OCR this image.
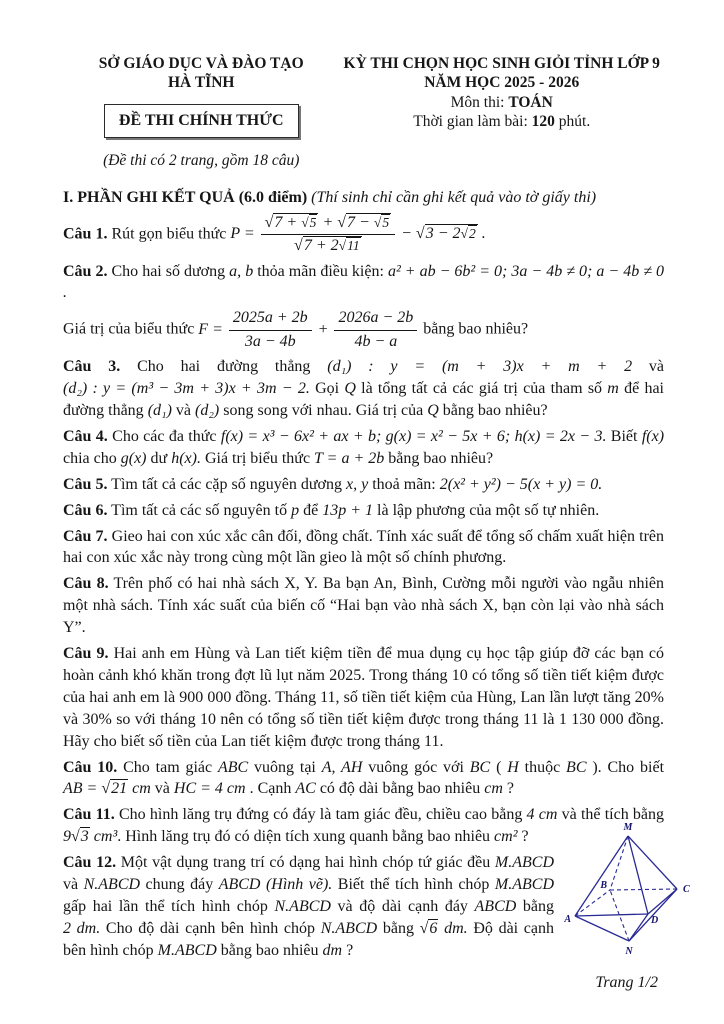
SỞ GIÁO DỤC VÀ ĐÀO TẠO
HÀ TĨNH
ĐỀ THI CHÍNH THỨC
(Đề thi có 2 trang, gồm 18 câu)
KỲ THI CHỌN HỌC SINH GIỎI TỈNH LỚP 9
NĂM HỌC 2025 - 2026
Môn thi: TOÁN
Thời gian làm bài: 120 phút.
I. PHẦN GHI KẾT QUẢ (6.0 điểm) (Thí sinh chỉ cần ghi kết quả vào tờ giấy thi)

Câu 1. Rút gọn biểu thức P = √ 7 + √ 5 + √ 7 − √ 5
√ 7 + 2 √ 11 − √ 3 − 2 √ 2 .

Câu 2. Cho hai số dương a, b thỏa mãn điều kiện: a² + ab − 6b² = 0; 3a − 4b ≠ 0; a − 4b ≠ 0 .

Giá trị của biểu thức $F = \frac{2025a + 2b}{3a - 4b} + \frac{2026a - 2b}{4b - a}$ bằng bao nhiêu?

Câu 3. Cho hai đường thẳng (d₁) : y = (m + 3)x + m + 2 và (d₂) : y = (m³ − 3m + 3)x + 3m − 2. Gọi Q là tổng tất cả các giá trị của tham số m để hai đường thẳng (d₁) và (d₂) song song với nhau. Giá trị của Q bằng bao nhiêu?

Câu 4. Cho các đa thức f(x) = x³ − 6x² + ax + b; g(x) = x² − 5x + 6; h(x) = 2x − 3. Biết f(x) chia cho g(x) dư h(x). Giá trị biểu thức T = a + 2b bằng bao nhiêu?

Câu 5. Tìm tất cả các cặp số nguyên dương x, y thoả mãn: 2(x² + y²) − 5(x + y) = 0.

Câu 6. Tìm tất cả các số nguyên tố p để 13p + 1 là lập phương của một số tự nhiên.

Câu 7. Gieo hai con xúc xắc cân đối, đồng chất. Tính xác suất để tổng số chấm xuất hiện trên hai con xúc xắc này trong cùng một lần gieo là một số chính phương.

Câu 8. Trên phố có hai nhà sách X, Y. Ba bạn An, Bình, Cường mỗi người vào ngẫu nhiên một nhà sách. Tính xác suất của biến cố “Hai bạn vào nhà sách X, bạn còn lại vào nhà sách Y”.

Câu 9. Hai anh em Hùng và Lan tiết kiệm tiền để mua dụng cụ học tập giúp đỡ các bạn có hoàn cảnh khó khăn trong đợt lũ lụt năm 2025. Trong tháng 10 có tổng số tiền tiết kiệm được của hai anh em là 900 000 đồng. Tháng 11, số tiền tiết kiệm của Hùng, Lan lần lượt tăng 20% và 30% so với tháng 10 nên có tổng số tiền tiết kiệm được trong tháng 11 là 1 130 000 đồng. Hãy cho biết số tiền của Lan tiết kiệm được trong tháng 11.

Câu 10. Cho tam giác ABC vuông tại A, AH vuông góc với BC ( H thuộc BC ). Cho biết AB = √ 21 cm và HC = 4 cm . Cạnh AC có độ dài bằng bao nhiêu cm ?

Câu 11. Cho hình lăng trụ đứng có đáy là tam giác đều, chiều cao bằng 4 cm và thể tích bằng 9 √ 3 cm³. Hình lăng trụ đó có diện tích xung quanh bằng bao nhiêu cm² ?

M
B	C
A	D
N

Câu 12. Một vật dụng trang trí có dạng hai hình chóp tứ giác đều M.ABCD và N.ABCD chung đáy ABCD (Hình vẽ). Biết thể tích hình chóp M.ABCD gấp hai lần thể tích hình chóp N.ABCD và độ dài cạnh đáy ABCD bằng 2 dm. Cho độ dài cạnh bên hình chóp N.ABCD bằng √ 6 dm. Độ dài cạnh bên hình chóp M.ABCD bằng bao nhiêu dm ?

Trang 1/2
